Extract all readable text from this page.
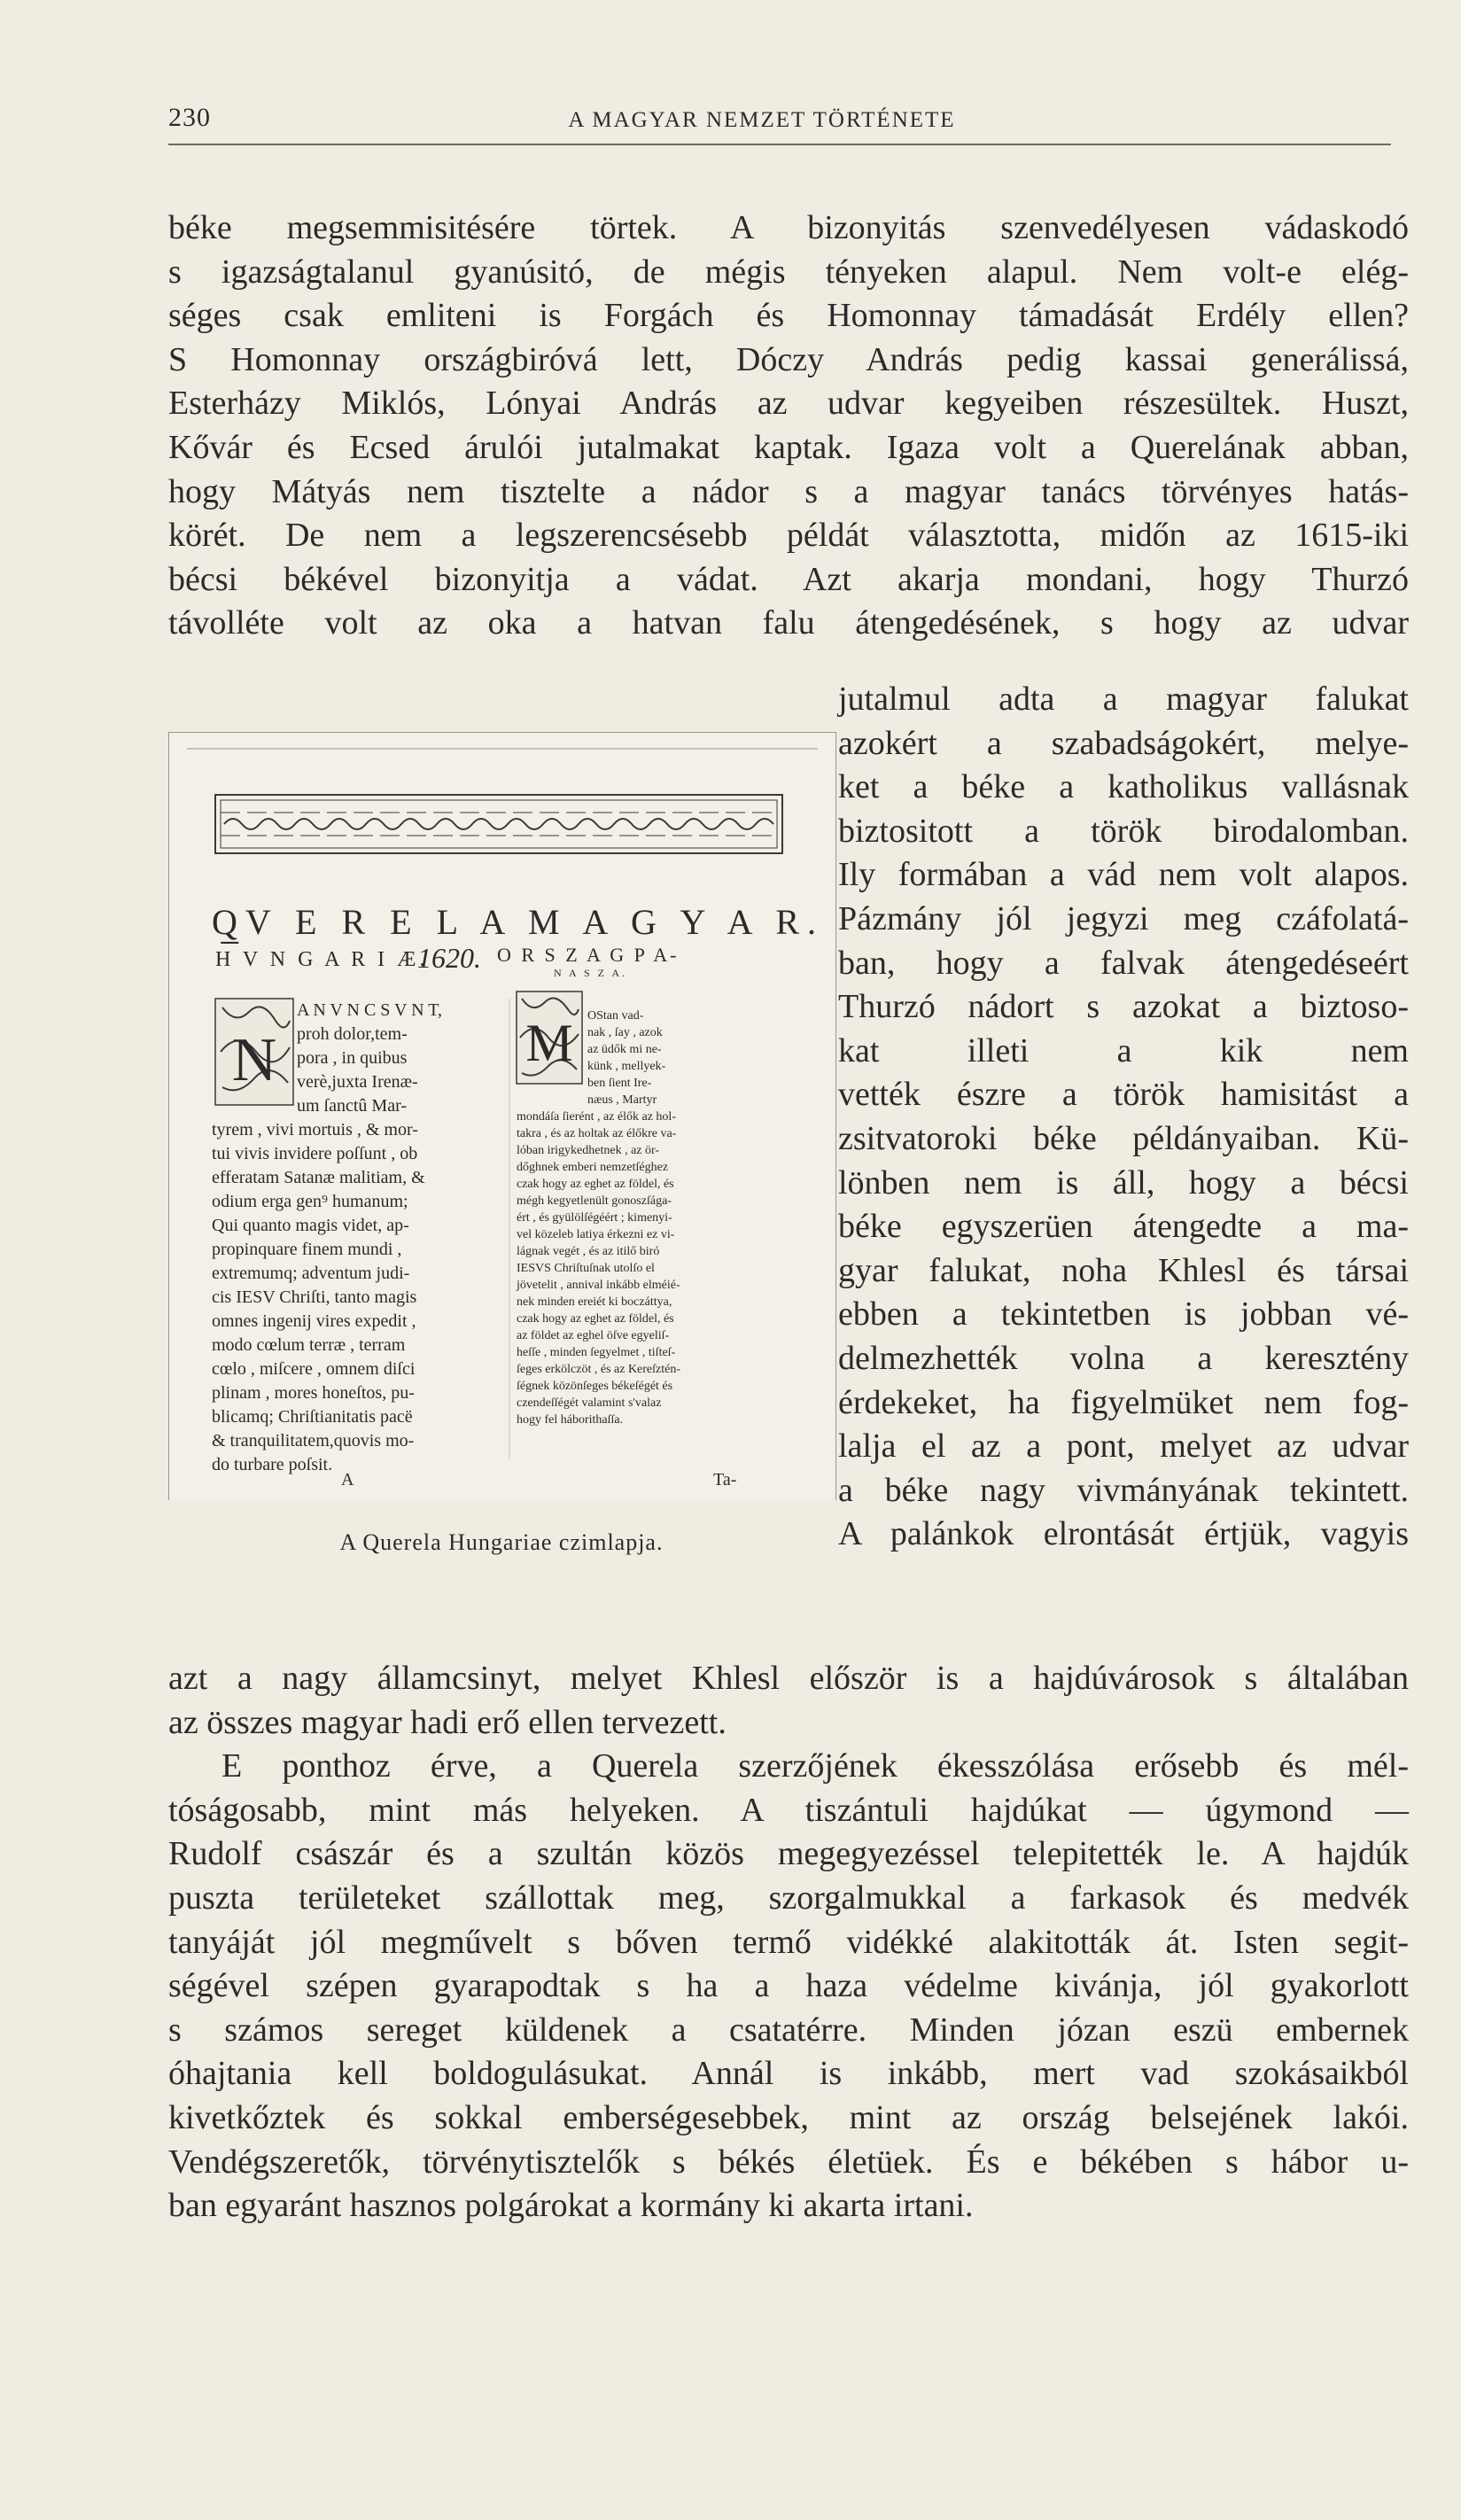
230	A MAGYAR NEMZET TÖRTÉNETE
béke megsemmisitésére törtek. A bizonyitás szenvedélyesen vádaskodó
s igazságtalanul gyanúsitó, de mégis tényeken alapul. Nem volt-e elég-
séges csak emliteni is Forgách és Homonnay támadását Erdély ellen?
S Homonnay országbiróvá lett, Dóczy András pedig kassai generálissá,
Esterházy Miklós, Lónyai András az udvar kegyeiben részesültek. Huszt,
Kővár és Ecsed árulói jutalmakat kaptak. Igaza volt a Querelának abban,
hogy Mátyás nem tisztelte a nádor s a magyar tanács törvényes hatás-
körét. De nem a legszerencsésebb példát választotta, midőn az 1615-iki
bécsi békével bizonyitja a vádat. Azt akarja mondani, hogy Thurzó
távolléte volt az oka a hatvan falu átengedésének, s hogy az udvar
jutalmul adta a magyar falukat
azokért a szabadságokért, melye-
ket a béke a katholikus vallásnak
biztositott a török birodalomban.
Ily formában a vád nem volt alapos.
Pázmány jól jegyzi meg czáfolatá-
ban, hogy a falvak átengedéseért
Thurzó nádort s azokat a biztoso-
kat illeti a kik nem
vették észre a török hamisitást a
zsitvatoroki béke példányaiban. Kü-
lönben nem is áll, hogy a bécsi
béke egyszerüen átengedte a ma-
gyar falukat, noha Khlesl és társai
ebben a tekintetben is jobban vé-
delmezhették volna a keresztény
érdekeket, ha figyelmüket nem fog-
lalja el az a pont, melyet az udvar
a béke nagy vivmányának tekintett.
A palánkok elrontását értjük, vagyis
N	M
Q̲V E R E L A M A G Y A R.
H V N G A R I Æ.
1620. O R S Z A G P A-
N A S Z A.
A N V N C S V N T,
proh dolor,tem-
pora , in quibus
verè,juxta Irenæ-
um ſanctû Mar-
tyrem , vivi mortuis , & mor-
tui vivis invidere poſſunt , ob
efferatam Satanæ malitiam, &
odium erga gen⁹ humanum;
Qui quanto magis videt, ap-
propinquare finem mundi ,
extremumq; adventum judi-
cis IESV Chriſti, tanto magis
omnes ingenij vires expedit ,
modo cœlum terræ , terram
cœlo , miſcere , omnem diſci
plinam , mores honeſtos, pu-
blicamq; Chriſtianitatis pacë
& tranquilitatem,quovis mo-
do turbare poſsit.
OStan vad-
nak , ſay , azok
az üdők mi ne-
künk , mellyek-
ben ſient Ire-
næus , Martyr
mondáſa ſierént , az élők az hol-
takra , és az holtak az élőkre va-
lóban irigykedhetnek , az ör-
dőghnek emberi nemzetſéghez
czak hogy az eghet az földel, és
mégh kegyetlenült gonoszſága-
ért , és gyülölſégéért ; kimenyi-
vel közeleb latiya érkezni ez vi-
lágnak vegét , és az itilő biró
IESVS Chriſtuſnak utolſo el
jövetelit , annival inkább elméié-
nek minden ereiét ki boczáttya,
czak hogy az eghet az földel, és
az földet az eghel öſve egyeliſ-
heſſe , minden ſegyelmet , tiſteſ-
ſeges erkölczöt , és az Kereſztén-
ſégnek közönſeges békeſégét és
czendeſſégét valamint s'valaz
hogy fel háborithaſſa.
A	Ta-
A Querela Hungariae czimlapja.
azt a nagy államcsinyt, melyet Khlesl először is a hajdúvárosok s általában
az összes magyar hadi erő ellen tervezett.
E ponthoz érve, a Querela szerzőjének ékesszólása erősebb és mél-
tóságosabb, mint más helyeken. A tiszántuli hajdúkat — úgymond —
Rudolf császár és a szultán közös megegyezéssel telepitették le. A hajdúk
puszta területeket szállottak meg, szorgalmukkal a farkasok és medvék
tanyáját jól megművelt s bőven termő vidékké alakitották át. Isten segit-
ségével szépen gyarapodtak s ha a haza védelme kivánja, jól gyakorlott
s számos sereget küldenek a csatatérre. Minden józan eszü embernek
óhajtania kell boldogulásukat. Annál is inkább, mert vad szokásaikból
kivetkőztek és sokkal emberségesebbek, mint az ország belsejének lakói.
Vendégszeretők, törvénytisztelők s békés életüek. És e békében s hábor u-
ban egyaránt hasznos polgárokat a kormány ki akarta irtani.
